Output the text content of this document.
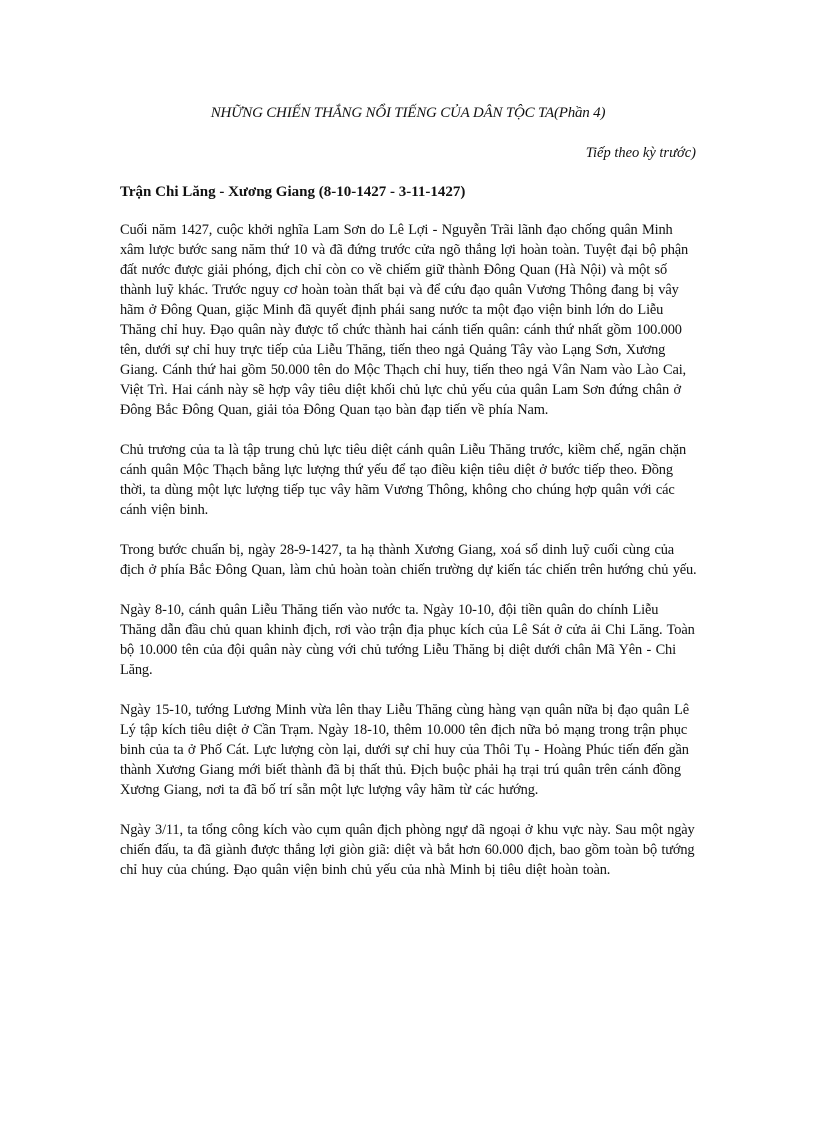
NHỮNG CHIẾN THẮNG NỔI TIẾNG CỦA DÂN TỘC TA(Phần 4)
Tiếp theo kỳ trước)
Trận Chi Lăng - Xương Giang (8-10-1427 - 3-11-1427)

Cuối năm 1427, cuộc khởi nghĩa Lam Sơn do Lê Lợi - Nguyễn Trãi lãnh đạo chống quân Minh xâm lược bước sang năm thứ 10 và đã đứng trước cửa ngõ thắng lợi hoàn toàn. Tuyệt đại bộ phận đất nước được giải phóng, địch chỉ còn co về chiếm giữ thành Đông Quan (Hà Nội) và một số thành luỹ khác. Trước nguy cơ hoàn toàn thất bại và để cứu đạo quân Vương Thông đang bị vây hãm ở Đông Quan, giặc Minh đã quyết định phái sang nước ta một đạo viện binh lớn do Liễu Thăng chỉ huy. Đạo quân này được tổ chức thành hai cánh tiến quân: cánh thứ nhất gồm 100.000 tên, dưới sự chỉ huy trực tiếp của Liễu Thăng, tiến theo ngả Quảng Tây vào Lạng Sơn, Xương Giang. Cánh thứ hai gồm 50.000 tên do Mộc Thạch chỉ huy, tiến theo ngả Vân Nam vào Lào Cai, Việt Trì. Hai cánh này sẽ hợp vây tiêu diệt khối chủ lực chủ yếu của quân Lam Sơn đứng chân ở Đông Bắc Đông Quan, giải tỏa Đông Quan tạo bàn đạp tiến về phía Nam.

Chủ trương của ta là tập trung chủ lực tiêu diệt cánh quân Liễu Thăng trước, kiềm chế, ngăn chặn cánh quân Mộc Thạch bằng lực lượng thứ yếu để tạo điều kiện tiêu diệt ở bước tiếp theo. Đồng thời, ta dùng một lực lượng tiếp tục vây hãm Vương Thông, không cho chúng hợp quân với các cánh viện binh.

Trong bước chuẩn bị, ngày 28-9-1427, ta hạ thành Xương Giang, xoá sổ dinh luỹ cuối cùng của địch ở phía Bắc Đông Quan, làm chủ hoàn toàn chiến trường dự kiến tác chiến trên hướng chủ yếu.

Ngày 8-10, cánh quân Liễu Thăng tiến vào nước ta. Ngày 10-10, đội tiền quân do chính Liễu Thăng dẫn đầu chủ quan khinh địch, rơi vào trận địa phục kích của Lê Sát ở cửa ải Chi Lăng. Toàn bộ 10.000 tên của đội quân này cùng với chủ tướng Liễu Thăng bị diệt dưới chân Mã Yên - Chi Lăng.

Ngày 15-10, tướng Lương Minh vừa lên thay Liễu Thăng cùng hàng vạn quân nữa bị đạo quân Lê Lý tập kích tiêu diệt ở Cần Trạm. Ngày 18-10, thêm 10.000 tên địch nữa bỏ mạng trong trận phục binh của ta ở Phố Cát. Lực lượng còn lại, dưới sự chỉ huy của Thôi Tụ - Hoàng Phúc tiến đến gần thành Xương Giang mới biết thành đã bị thất thủ. Địch buộc phải hạ trại trú quân trên cánh đồng Xương Giang, nơi ta đã bố trí sẵn một lực lượng vây hãm từ các hướng.

Ngày 3/11, ta tổng công kích vào cụm quân địch phòng ngự dã ngoại ở khu vực này. Sau một ngày chiến đấu, ta đã giành được thắng lợi giòn giã: diệt và bắt hơn 60.000 địch, bao gồm toàn bộ tướng chỉ huy của chúng. Đạo quân viện binh chủ yếu của nhà Minh bị tiêu diệt hoàn toàn.
